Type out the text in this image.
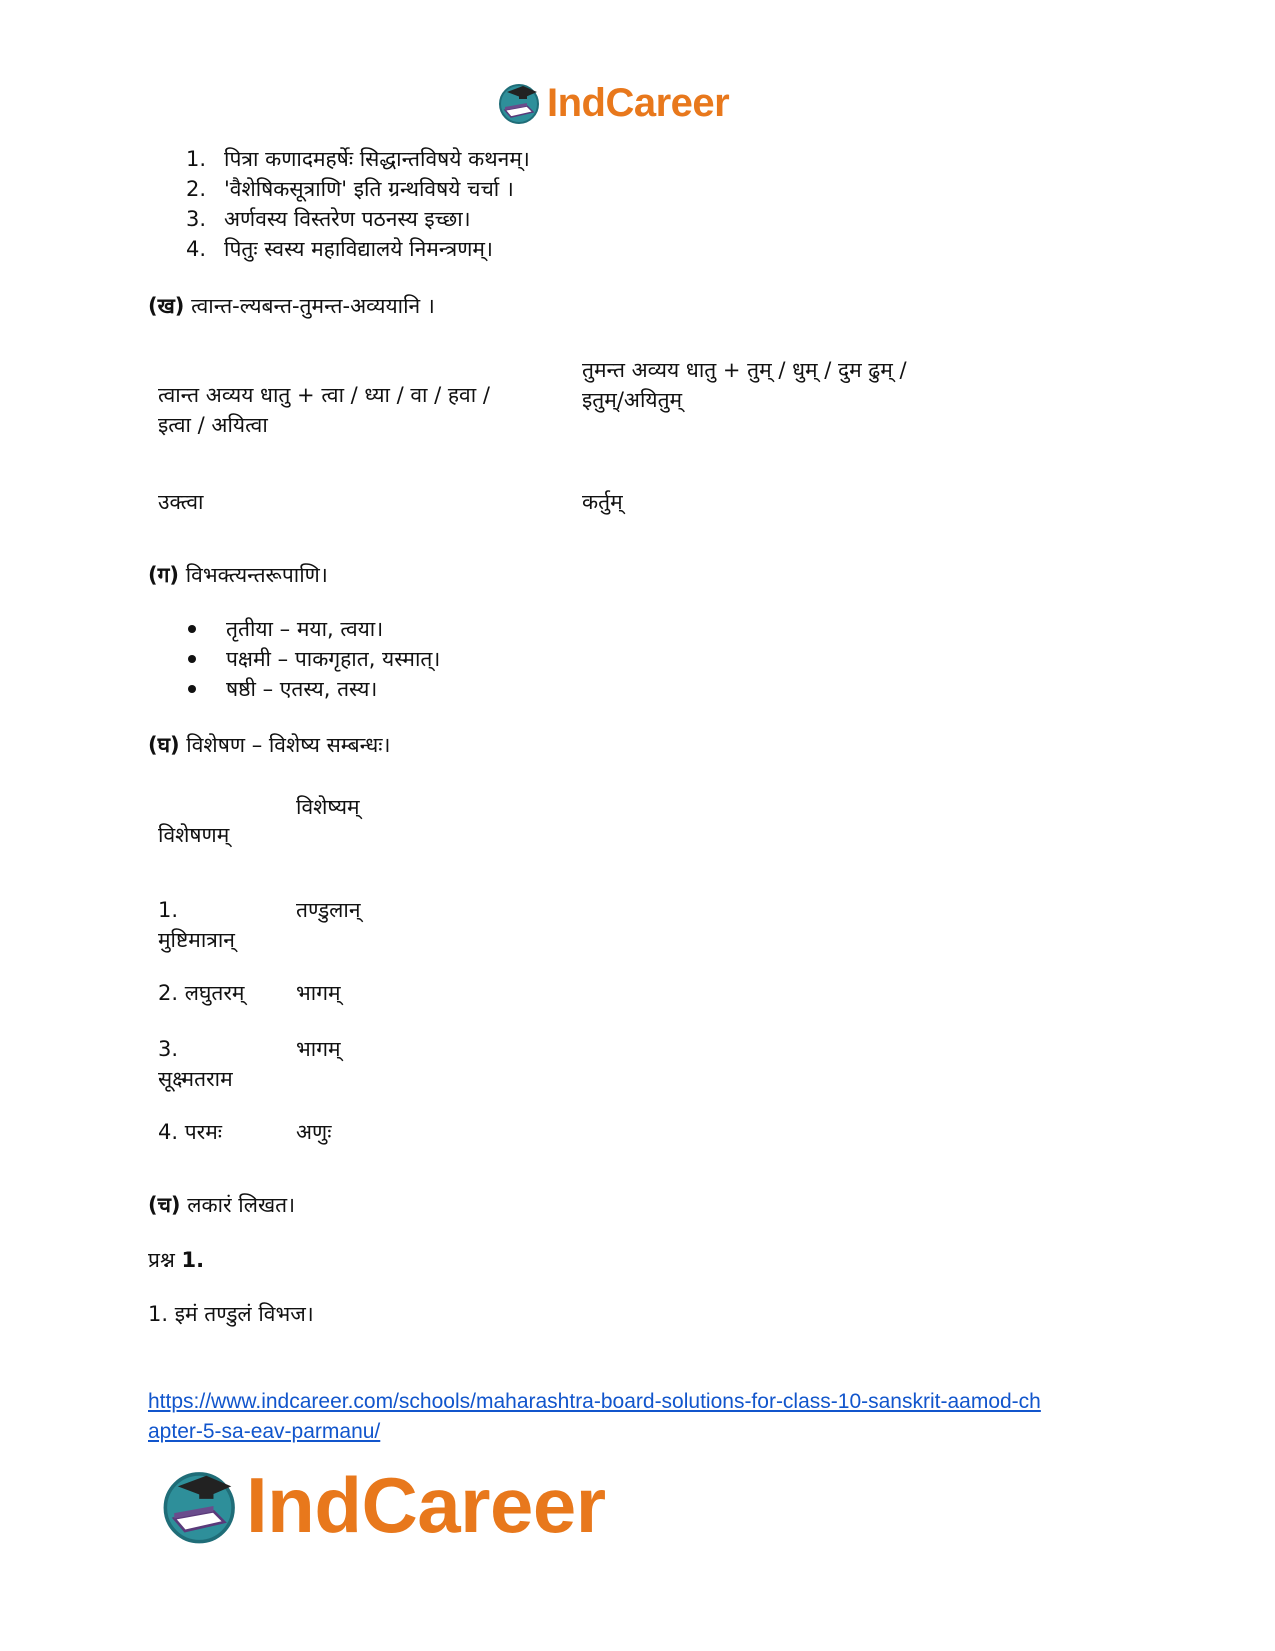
IndCareer
1. पित्रा कणादमहर्षेः सिद्धान्तविषये कथनम्।
2. 'वैशेषिकसूत्राणि' इति ग्रन्थविषये चर्चा ।
3. अर्णवस्य विस्तरेण पठनस्य इच्छा।
4. पितुः स्वस्य महाविद्यालये निमन्त्रणम्।
(ख) त्वान्त-ल्यबन्त-तुमन्त-अव्ययानि ।
त्वान्त अव्यय धातु + त्वा / ध्या / वा / हवा /
इत्वा / अयित्वा
तुमन्त अव्यय धातु + तुम् / धुम् / दुम ढुम् /
इतुम्/अयितुम्
उक्त्वा	कर्तुम्
(ग) विभक्त्यन्तरूपाणि।
तृतीया – मया, त्वया।
पक्षमी – पाकगृहात, यस्मात्।
षष्ठी – एतस्य, तस्य।
(घ) विशेषण – विशेष्य सम्बन्धः।
विशेषणम्
विशेष्यम्
1.
मुष्टिमात्रान्
तण्डुलान्
2. लघुतरम् भागम्
3.
सूक्ष्मतराम
भागम्
4. परमः	अणुः
(च) लकारं लिखत।
प्रश्न 1.
1. इमं तण्डुलं विभज।
https://www.indcareer.com/schools/maharashtra-board-solutions-for-class-10-sanskrit-aamod-ch
apter-5-sa-eav-parmanu/
IndCareer
